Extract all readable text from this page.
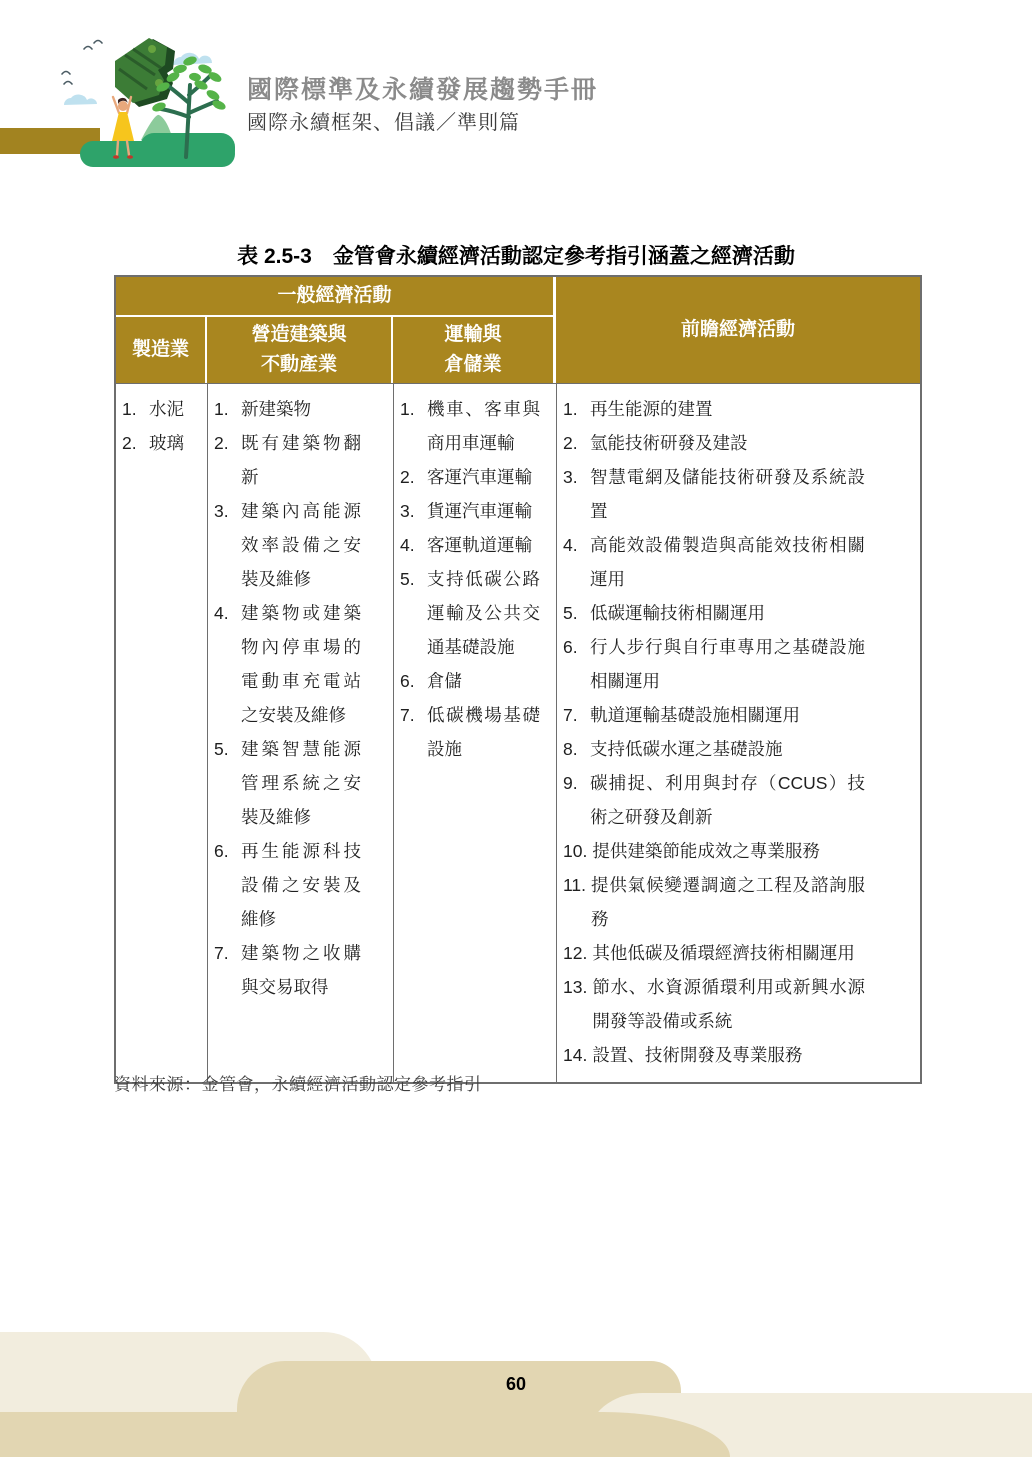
國際標準及永續發展趨勢手冊
國際永續框架、倡議／準則篇
表 2.5-3　金管會永續經濟活動認定參考指引涵蓋之經濟活動
一般經濟活動
前瞻經濟活動
製造業
營造建築與
不動產業
運輸與
倉儲業
1. 水泥
2. 玻璃
1. 新建築物
2. 既有建築物翻新
3. 建築內高能源效率設備之安裝及維修
4. 建築物或建築物內停車場的電動車充電站之安裝及維修
5. 建築智慧能源管理系統之安裝及維修
6. 再生能源科技設備之安裝及維修
7. 建築物之收購與交易取得
1. 機車、客車與商用車運輸
2. 客運汽車運輸
3. 貨運汽車運輸
4. 客運軌道運輸
5. 支持低碳公路運輸及公共交通基礎設施
6. 倉儲
7. 低碳機場基礎設施
1. 再生能源的建置
2. 氫能技術研發及建設
3. 智慧電網及儲能技術研發及系統設置
4. 高能效設備製造與高能效技術相關運用
5. 低碳運輸技術相關運用
6. 行人步行與自行車專用之基礎設施相關運用
7. 軌道運輸基礎設施相關運用
8. 支持低碳水運之基礎設施
9. 碳捕捉、利用與封存（CCUS）技術之研發及創新
10. 提供建築節能成效之專業服務
11. 提供氣候變遷調適之工程及諮詢服務
12. 其他低碳及循環經濟技術相關運用
13. 節水、水資源循環利用或新興水源開發等設備或系統
14. 設置、技術開發及專業服務
資料來源：金管會，永續經濟活動認定參考指引
60
